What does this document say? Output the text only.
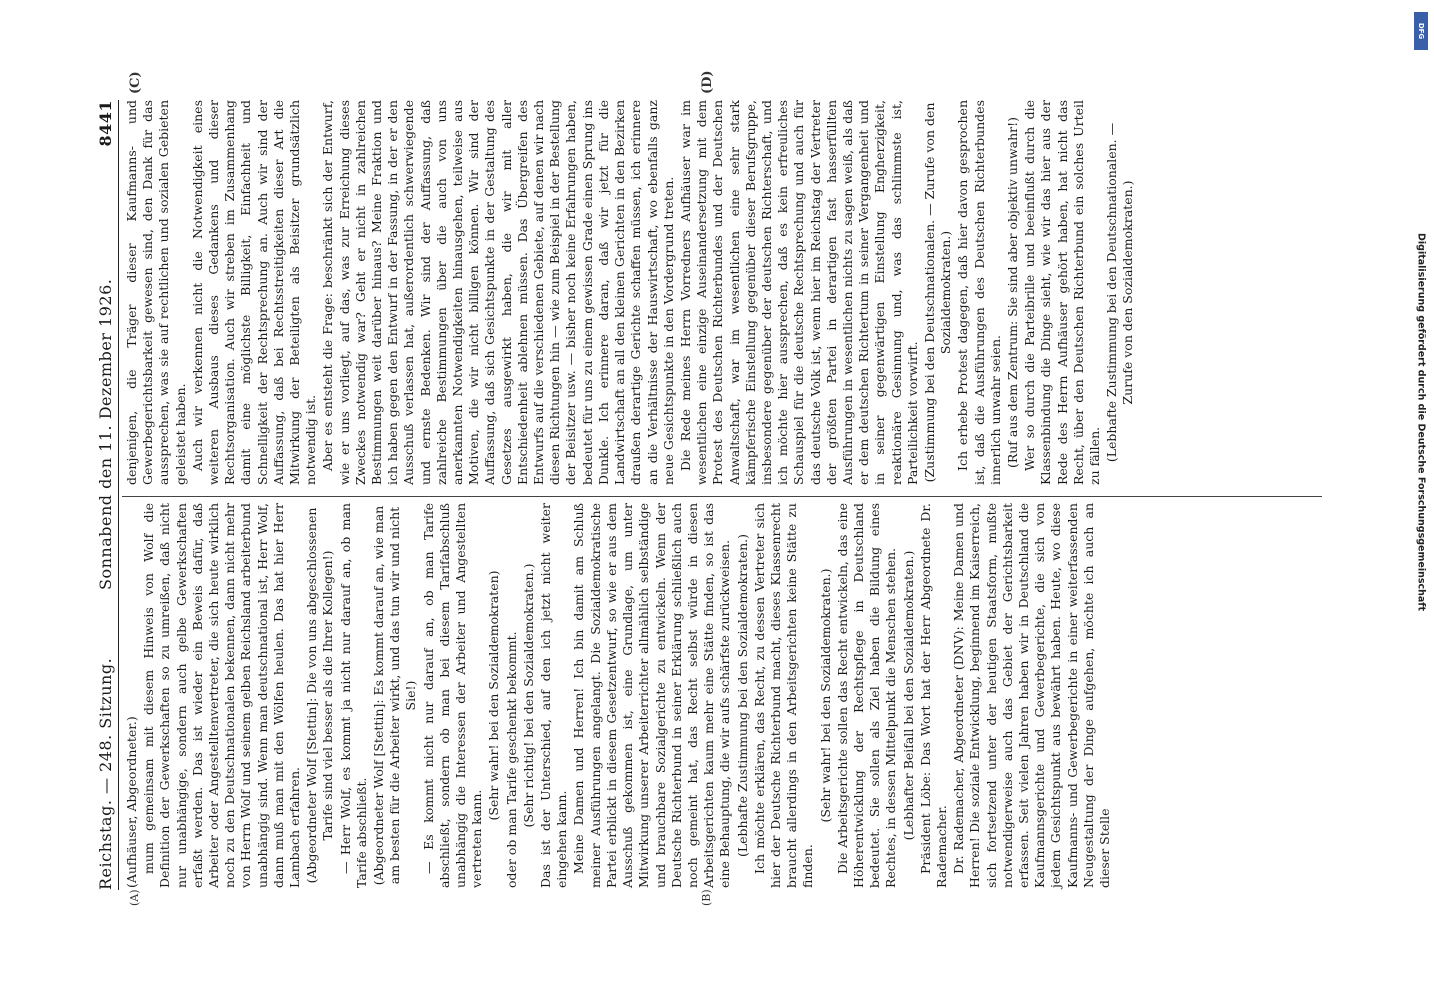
Reichstag. — 248. Sitzung.
Sonnabend den 11. Dezember 1926.
8441
(A)	(B)
(C)	(D)

(Aufhäuser, Abgeordneter.) mum gemeinsam mit diesem Hinweis von Wolf die Definition der Gewerkschaften so zu umreißen, daß nicht nur unabhängige, sondern auch gelbe Gewerkschaften erfaßt werden. Das ist wieder ein Beweis dafür, daß Arbeiter oder Angestelltenvertreter, die sich heute wirklich noch zu den Deutschnationalen bekennen, dann nicht mehr von Herrn Wolf und seinem gelben Reichsland arbeiterbund unabhängig sind. Wenn man deutschnational ist, Herr Wolf, dann muß man mit den Wölfen heulen. Das hat hier Herr Lambach erfahren. (Abgeordneter Wolf [Stettin]: Die von uns abgeschlossenen Tarife sind viel besser als die Ihrer Kollegen!) — Herr Wolf, es kommt ja nicht nur darauf an, ob man Tarife abschließt. (Abgeordneter Wolf [Stettin]: Es kommt darauf an, wie man am besten für die Arbeiter wirkt, und das tun wir und nicht Sie!) — Es kommt nicht nur darauf an, ob man Tarife abschließt, sondern ob man bei diesem Tarifabschluß unabhängig die Interessen der Arbeiter und Angestellten vertreten kann.

(Sehr wahr! bei den Sozialdemokraten) oder ob man Tarife geschenkt bekommt. (Sehr richtig! bei den Sozialdemokraten.) Das ist der Unterschied, auf den ich jetzt nicht weiter eingehen kann. Meine Damen und Herren! Ich bin damit am Schluß meiner Ausführungen angelangt. Die Sozialdemokratische Partei erblickt in diesem Gesetzentwurf, so wie er aus dem Ausschuß gekommen ist, eine Grundlage, um unter Mitwirkung unserer Arbeiterrichter allmählich selbständige und brauchbare Sozialgerichte zu entwickeln. Wenn der Deutsche Richterbund in seiner Erklärung schließlich auch noch gemeint hat, das Recht selbst würde in diesen Arbeitsgerichten kaum mehr eine Stätte finden, so ist das eine Behauptung, die wir aufs schärfste zurückweisen. (Lebhafte Zustimmung bei den Sozialdemokraten.) Ich möchte erklären, das Recht, zu dessen Vertreter sich hier der Deutsche Richterbund macht, dieses Klassenrecht braucht allerdings in den Arbeitsgerichten keine Stätte zu finden.

(Sehr wahr! bei den Sozialdemokraten.) Die Arbeitsgerichte sollen das Recht entwickeln, das eine Höherentwicklung der Rechtspflege in Deutschland bedeutet. Sie sollen als Ziel haben die Bildung eines Rechtes, in dessen Mittelpunkt die Menschen stehen. (Lebhafter Beifall bei den Sozialdemokraten.) Präsident Löbe: Das Wort hat der Herr Abgeordnete Dr. Rademacher. Dr. Rademacher, Abgeordneter (DNV): Meine Damen und Herren! Die soziale Entwicklung, beginnend im Kaiserreich, sich fortsetzend unter der heutigen Staatsform, mußte notwendigerweise auch das Gebiet der Gerichtsbarkeit erfassen. Seit vielen Jahren haben wir in Deutschland die Kaufmannsgerichte und Gewerbegerichte, die sich von jedem Gesichtspunkt aus bewährt haben. Heute, wo diese Kaufmanns- und Gewerbegerichte in einer weiterfassenden Neugestaltung der Dinge aufgehen, möchte ich auch an dieser Stelle

denjenigen, die Träger dieser Kaufmanns- und Gewerbegerichtsbarkeit gewesen sind, den Dank für das aussprechen, was sie auf rechtlichen und sozialen Gebieten geleistet haben. Auch wir verkennen nicht die Notwendigkeit eines weiteren Ausbaus dieses Gedankens und dieser Rechtsorganisation. Auch wir streben im Zusammenhang damit eine möglichste Billigkeit, Einfachheit und Schnelligkeit der Rechtsprechung an. Auch wir sind der Auffassung, daß bei Rechtsstreitigkeiten dieser Art die Mitwirkung der Beteiligten als Beisitzer grundsätzlich notwendig ist. Aber es entsteht die Frage: beschränkt sich der Entwurf, wie er uns vorliegt, auf das, was zur Erreichung dieses Zweckes notwendig war? Geht er nicht in zahlreichen Bestimmungen weit darüber hinaus? Meine Fraktion und ich haben gegen den Entwurf in der Fassung, in der er den Ausschuß verlassen hat, außerordentlich schwerwiegende und ernste Bedenken. Wir sind der Auffassung, daß zahlreiche Bestimmungen über die auch von uns anerkannten Notwendigkeiten hinausgehen, teilweise aus Motiven, die wir nicht billigen können. Wir sind der Auffassung, daß sich Gesichtspunkte in der Gestaltung des Gesetzes ausgewirkt haben, die wir mit aller Entschiedenheit ablehnen müssen. Das Übergreifen des Entwurfs auf die verschiedenen Gebiete, auf denen wir nach diesen Richtungen hin — wie zum Beispiel in der Bestellung der Beisitzer usw. — bisher noch keine Erfahrungen haben, bedeutet für uns zu einem gewissen Grade einen Sprung ins Dunkle. Ich erinnere daran, daß wir jetzt für die Landwirtschaft an all den kleinen Gerichten in den Bezirken draußen derartige Gerichte schaffen müssen, ich erinnere an die Verhältnisse der Hauswirtschaft, wo ebenfalls ganz neue Gesichtspunkte in den Vordergrund treten. Die Rede meines Herrn Vorredners Aufhäuser war im wesentlichen eine einzige Auseinandersetzung mit dem Protest des Deutschen Richterbundes und der Deutschen Anwaltschaft, war im wesentlichen eine sehr stark kämpferische Einstellung gegenüber dieser Berufsgruppe, insbesondere gegenüber der deutschen Richterschaft, und ich möchte hier aussprechen, daß es kein erfreuliches Schauspiel für die deutsche Rechtsprechung und auch für das deutsche Volk ist, wenn hier im Reichstag der Vertreter der größten Partei in derartigen fast hasserfüllten Ausführungen in wesentlichen nichts zu sagen weiß, als daß er dem deutschen Richtertum in seiner Vergangenheit und in seiner gegenwärtigen Einstellung Engherzigkeit, reaktionäre Gesinnung und, was das schlimmste ist, Parteilichkeit vorwirft. (Zustimmung bei den Deutschnationalen. — Zurufe von den Sozialdemokraten.) Ich erhebe Protest dagegen, daß hier davon gesprochen ist, daß die Ausführungen des Deutschen Richterbundes innerlich unwahr seien. (Ruf aus dem Zentrum: Sie sind aber objektiv unwahr!) Wer so durch die Parteibrille und beeinflußt durch die Klassenbindung die Dinge sieht, wie wir das hier aus der Rede des Herrn Aufhäuser gehört haben, hat nicht das Recht, über den Deutschen Richterbund ein solches Urteil zu fällen. (Lebhafte Zustimmung bei den Deutschnationalen. — Zurufe von den Sozialdemokraten.)

DFG
Digitalisierung gefördert durch die Deutsche Forschungsgemeinschaft
